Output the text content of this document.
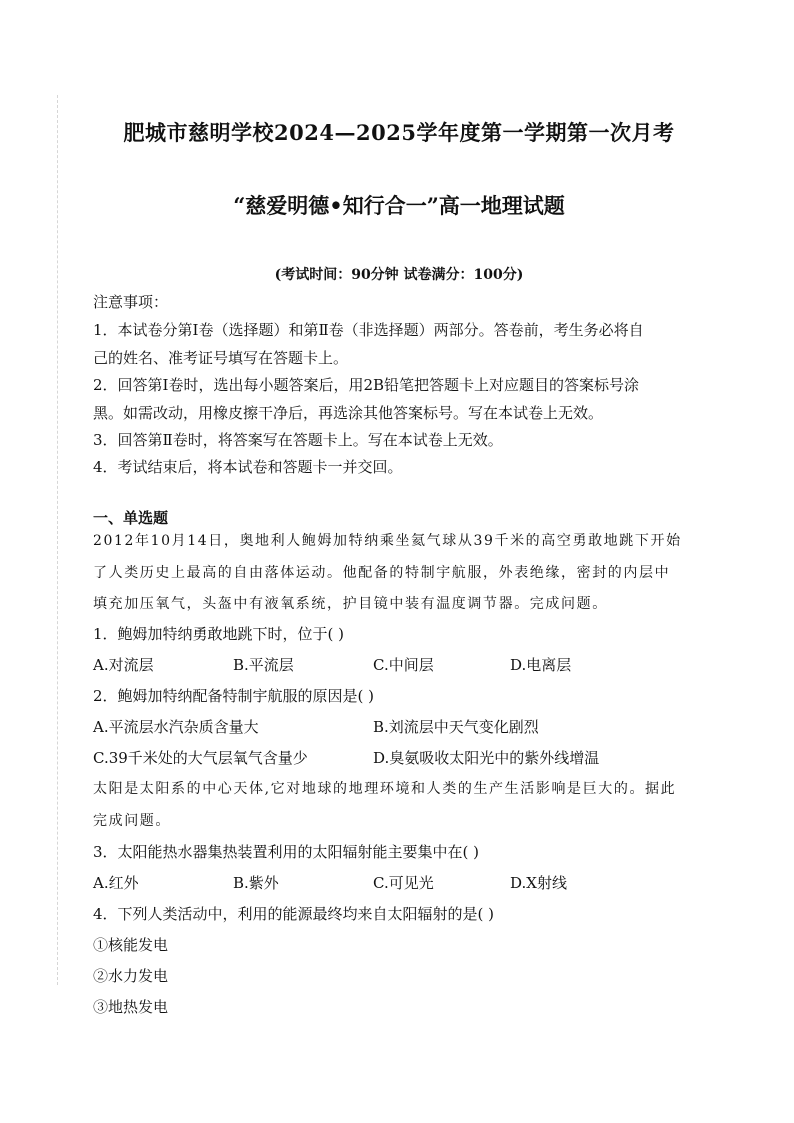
肥城市慈明学校2024—2025学年度第一学期第一次月考
“慈爱明德•知行合一”高一地理试题
(考试时间：90分钟 试卷满分：100分)
注意事项：
1．本试卷分第Ⅰ卷（选择题）和第Ⅱ卷（非选择题）两部分。答卷前，考生务必将自
己的姓名、准考证号填写在答题卡上。
2．回答第Ⅰ卷时，选出每小题答案后，用2B铅笔把答题卡上对应题目的答案标号涂
黑。如需改动，用橡皮擦干净后，再选涂其他答案标号。写在本试卷上无效。
3．回答第Ⅱ卷时，将答案写在答题卡上。写在本试卷上无效。
4．考试结束后，将本试卷和答题卡一并交回。
一、单选题
2012年10月14日，奥地利人鲍姆加特纳乘坐氦气球从39千米的高空勇敢地跳下开始
了人类历史上最高的自由落体运动。他配备的特制宇航服，外表绝缘，密封的内层中
填充加压氧气，头盔中有液氧系统，护目镜中装有温度调节器。完成问题。
1．鲍姆加特纳勇敢地跳下时，位于( )
A.对流层	B.平流层	C.中间层	D.电离层
2．鲍姆加特纳配备特制宇航服的原因是( )
A.平流层水汽杂质含量大	B.刘流层中天气变化剧烈
C.39千米处的大气层氧气含量少	D.臭氨吸收太阳光中的紫外线增温
太阳是太阳系的中心天体,它对地球的地理环境和人类的生产生活影响是巨大的。据此
完成问题。
3．太阳能热水器集热装置利用的太阳辐射能主要集中在( )
A.红外	B.紫外	C.可见光	D.X射线
4．下列人类活动中，利用的能源最终均来自太阳辐射的是( )
①核能发电
②水力发电
③地热发电
